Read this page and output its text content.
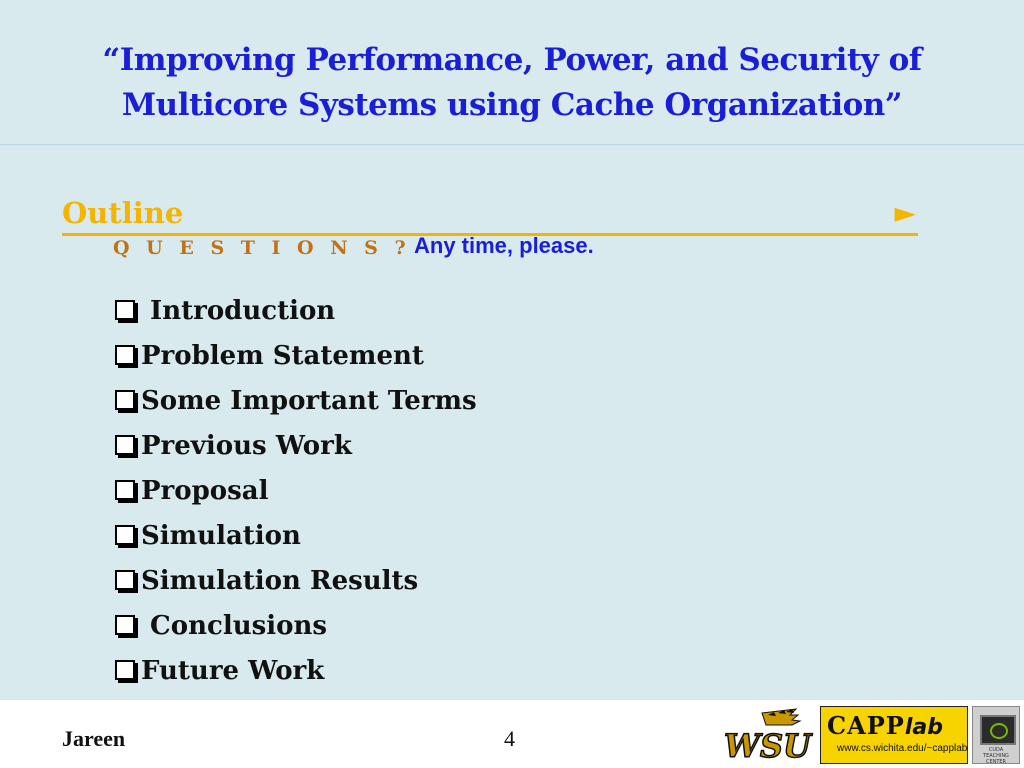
“Improving Performance, Power, and Security of
Multicore Systems using Cache Organization”
Outline	►
Q U E S T I O N S ? Any time, please.
Introduction
Problem Statement
Some Important Terms
Previous Work
Proposal
Simulation
Simulation Results
Conclusions
Future Work
Jareen	4	WSU
CAPPlab
www.cs.wichita.edu/~capplab	CUDA TEACHING CENTER
